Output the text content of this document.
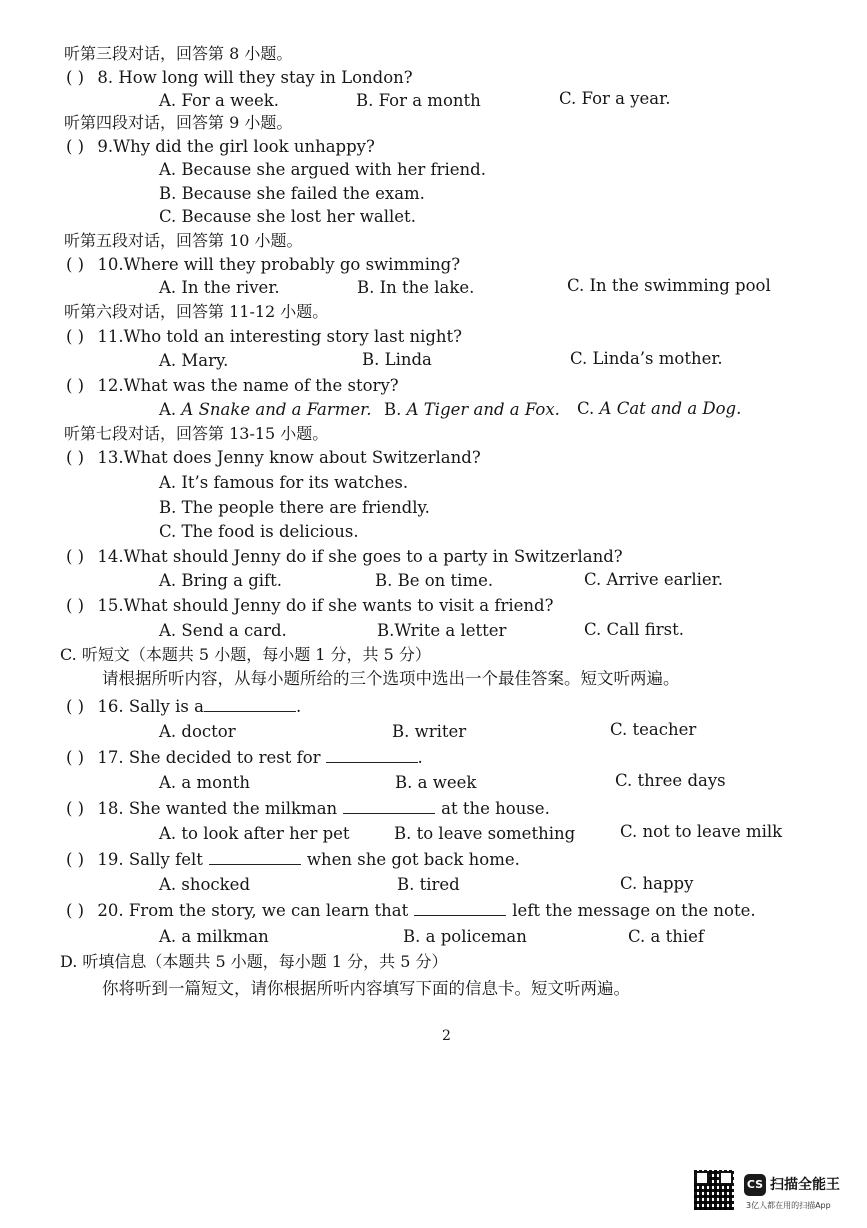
听第三段对话，回答第 8 小题。
( ) 8. How long will they stay in London?
A. For a week.	B. For a month	C. For a year.
听第四段对话，回答第 9 小题。
( ) 9.Why did the girl look unhappy?
A. Because she argued with her friend.
B. Because she failed the exam.
C. Because she lost her wallet.
听第五段对话，回答第 10 小题。
( ) 10.Where will they probably go swimming?
A. In the river.	B. In the lake.	C. In the swimming pool
听第六段对话，回答第 11-12 小题。
( ) 11.Who told an interesting story last night?
A. Mary.	B. Linda	C. Linda’s mother.
( ) 12.What was the name of the story?
A. A Snake and a Farmer. B. A Tiger and a Fox. C. A Cat and a Dog.
听第七段对话，回答第 13-15 小题。
( ) 13.What does Jenny know about Switzerland?
A. It’s famous for its watches.
B. The people there are friendly.
C. The food is delicious.
( ) 14.What should Jenny do if she goes to a party in Switzerland?
A. Bring a gift.	B. Be on time.	C. Arrive earlier.
( ) 15.What should Jenny do if she wants to visit a friend?
A. Send a card.	B.Write a letter	C. Call first.
C. 听短文（本题共 5 小题，每小题 1 分，共 5 分）
请根据所听内容，从每小题所给的三个选项中选出一个最佳答案。短文听两遍。
( ) 16. Sally is a	.
A. doctor	B. writer	C. teacher
( ) 17. She decided to rest for	.
A. a month	B. a week	C. three days
( ) 18. She wanted the milkman	at the house.
A. to look after her pet	B. to leave something	C. not to leave milk
( ) 19. Sally felt	when she got back home.
A. shocked	B. tired	C. happy
( ) 20. From the story, we can learn that	left the message on the note.
A. a milkman	B. a policeman	C. a thief
D. 听填信息（本题共 5 小题，每小题 1 分，共 5 分）
你将听到一篇短文，请你根据所听内容填写下面的信息卡。短文听两遍。
2
CS 扫描全能王
3亿人都在用的扫描App
